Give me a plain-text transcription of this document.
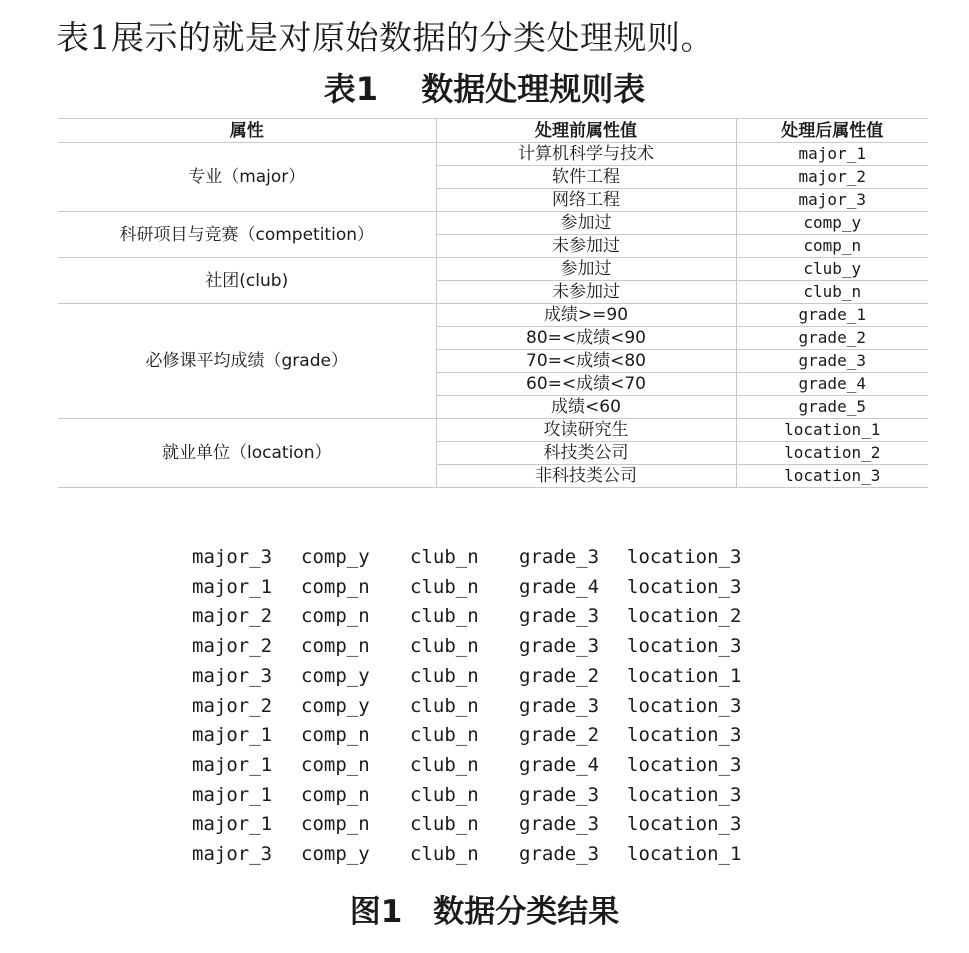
表1展示的就是对原始数据的分类处理规则。
表1　 数据处理规则表
属性	处理前属性值	处理后属性值
专业（major）	计算机科学与技术	major_1
	软件工程	major_2
	网络工程	major_3
科研项目与竞赛（competition）	参加过	comp_y
	未参加过	comp_n
社团(club)	参加过	club_y
	未参加过	club_n
必修课平均成绩（grade）	成绩>=90	grade_1
	80=<成绩<90	grade_2
	70=<成绩<80	grade_3
	60=<成绩<70	grade_4
	成绩<60	grade_5
就业单位（location）	攻读研究生	location_1
	科技类公司	location_2
	非科技类公司	location_3
major_3	comp_y	club_n	grade_3	location_3
major_1	comp_n	club_n	grade_4	location_3
major_2	comp_n	club_n	grade_3	location_2
major_2	comp_n	club_n	grade_3	location_3
major_3	comp_y	club_n	grade_2	location_1
major_2	comp_y	club_n	grade_3	location_3
major_1	comp_n	club_n	grade_2	location_3
major_1	comp_n	club_n	grade_4	location_3
major_1	comp_n	club_n	grade_3	location_3
major_1	comp_n	club_n	grade_3	location_3
major_3	comp_y	club_n	grade_3	location_1
图1　数据分类结果
